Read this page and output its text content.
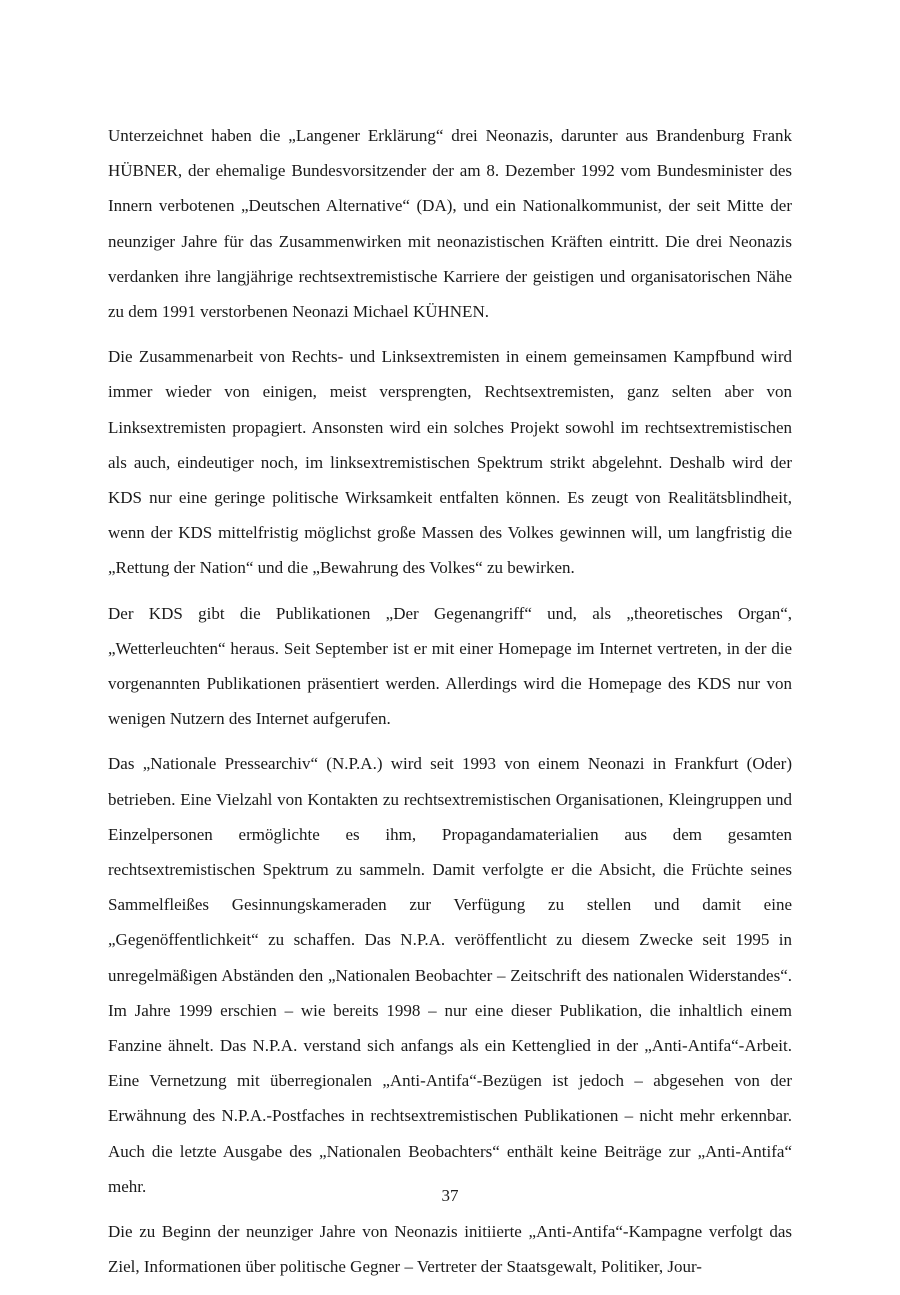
Unterzeichnet haben die „Langener Erklärung“ drei Neonazis, darunter aus Brandenburg Frank HÜBNER, der ehemalige Bundesvorsitzender der am 8. Dezember 1992 vom Bundesminister des Innern verbotenen „Deutschen Alternative“ (DA), und ein Nationalkommunist, der seit Mitte der neunziger Jahre für das Zusammenwirken mit neonazistischen Kräften eintritt. Die drei Neonazis verdanken ihre langjährige rechtsextremistische Karriere der geistigen und organisatorischen Nähe zu dem 1991 verstorbenen Neonazi Michael KÜHNEN.

Die Zusammenarbeit von Rechts- und Linksextremisten in einem gemeinsamen Kampfbund wird immer wieder von einigen, meist versprengten, Rechtsextremisten, ganz selten aber von Linksextremisten propagiert. Ansonsten wird ein solches Projekt sowohl im rechtsextremistischen als auch, eindeutiger noch, im linksextremistischen Spektrum strikt abgelehnt. Deshalb wird der KDS nur eine geringe politische Wirksamkeit entfalten können. Es zeugt von Realitätsblindheit, wenn der KDS mittelfristig möglichst große Massen des Volkes gewinnen will, um langfristig die „Rettung der Nation“ und die „Bewahrung des Volkes“ zu bewirken.

Der KDS gibt die Publikationen „Der Gegenangriff“ und, als „theoretisches Organ“, „Wetterleuchten“ heraus. Seit September ist er mit einer Homepage im Internet vertreten, in der die vorgenannten Publikationen präsentiert werden. Allerdings wird die Homepage des KDS nur von wenigen Nutzern des Internet aufgerufen.

Das „Nationale Pressearchiv“ (N.P.A.) wird seit 1993 von einem Neonazi in Frankfurt (Oder) betrieben. Eine Vielzahl von Kontakten zu rechtsextremistischen Organisationen, Kleingruppen und Einzelpersonen ermöglichte es ihm, Propagandamaterialien aus dem gesamten rechtsextremistischen Spektrum zu sammeln. Damit verfolgte er die Absicht, die Früchte seines Sammelfleißes Gesinnungskameraden zur Verfügung zu stellen und damit eine „Gegenöffentlichkeit“ zu schaffen. Das N.P.A. veröffentlicht zu diesem Zwecke seit 1995 in unregelmäßigen Abständen den „Nationalen Beobachter – Zeitschrift des nationalen Widerstandes“. Im Jahre 1999 erschien – wie bereits 1998 – nur eine dieser Publikation, die inhaltlich einem Fanzine ähnelt. Das N.P.A. verstand sich anfangs als ein Kettenglied in der „Anti-Antifa“-Arbeit. Eine Vernetzung mit überregionalen „Anti-Antifa“-Bezügen ist jedoch – abgesehen von der Erwähnung des N.P.A.-Postfaches in rechtsextremistischen Publikationen – nicht mehr erkennbar. Auch die letzte Ausgabe des „Nationalen Beobachters“ enthält keine Beiträge zur „Anti-Antifa“ mehr.

Die zu Beginn der neunziger Jahre von Neonazis initiierte „Anti-Antifa“-Kampagne verfolgt das Ziel, Informationen über politische Gegner – Vertreter der Staatsgewalt, Politiker, Jour-

37
